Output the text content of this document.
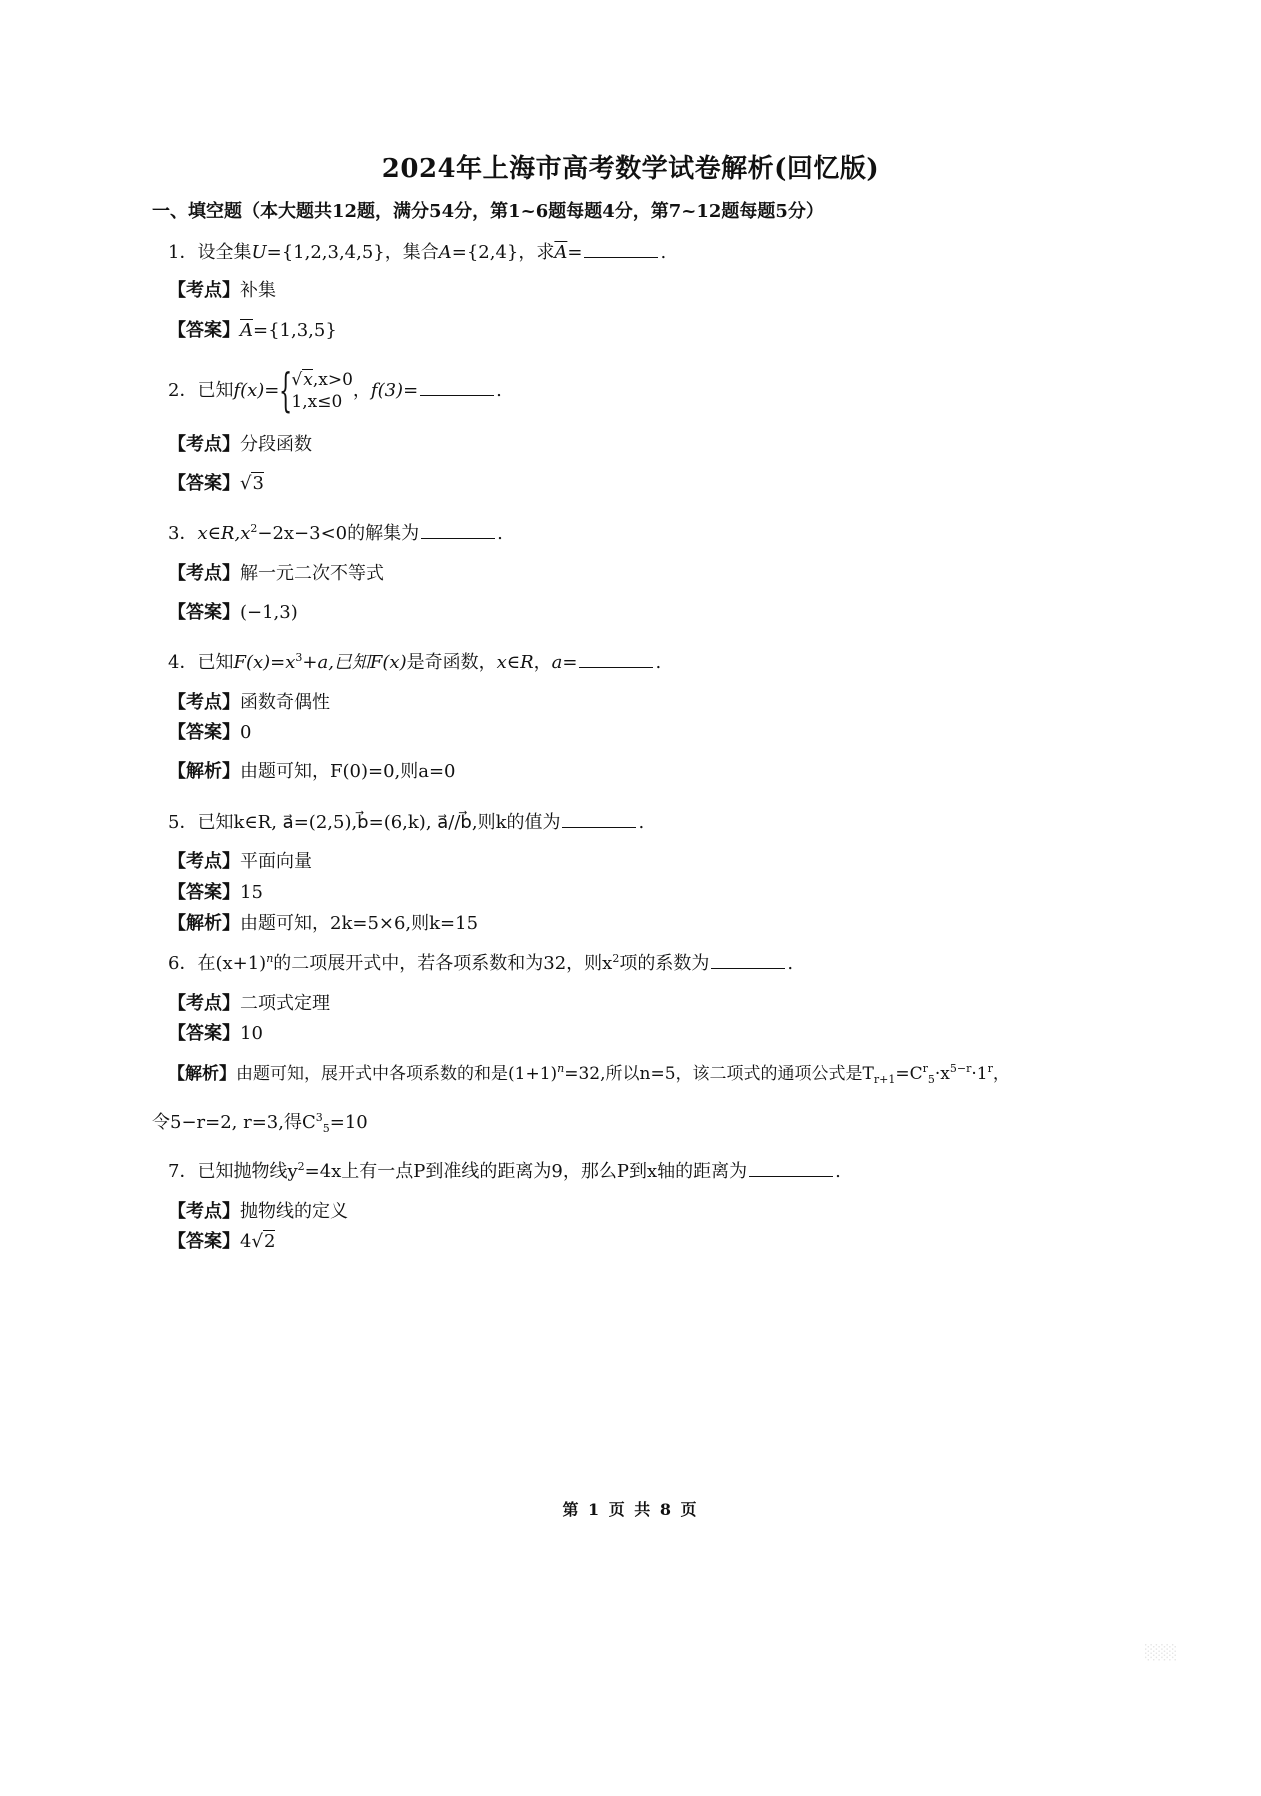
2024年上海市高考数学试卷解析(回忆版)
一、填空题（本大题共12题，满分54分，第1~6题每题4分，第7~12题每题5分）
1．设全集U={1,2,3,4,5}，集合A={2,4}，求$\overline{A}=$	.
【考点】补集
【答案】$\overline{A}=\{1,3,5\}$
2．已知f(x)= {
√x,x>0
1,x≤0，f(3)=	.
【考点】分段函数
【答案】√3
3．$x\in R,x^2-2x-3<0$的解集为	.
【考点】解一元二次不等式
【答案】(−1,3)
4．已知$F(x)=x^3+a$,已知F(x)是奇函数，x∈R，a=	.
【考点】函数奇偶性
【答案】0
【解析】由题可知，F(0)=0,则a=0
5．已知k∈R, a⃗=(2,5),b⃗=(6,k), a⃗//b⃗,则k的值为	.
【考点】平面向量
【答案】15
【解析】由题可知，2k=5×6,则k=15
6．在$(x+1)^n$的二项展开式中，若各项系数和为32，则$x^2$项的系数为	.
【考点】二项式定理
【答案】10
【解析】由题可知，展开式中各项系数的和是$(1+1)^n=32$,所以n=5，该二项式的通项公式是$T_{r+1}=C^r_5\cdot x^{5-r}\cdot 1^r$，
令5−r=2, r=3,得$C^3_5=10$
7．已知抛物线$y^2=4x$上有一点P到准线的距离为9，那么P到x轴的距离为	.
【考点】抛物线的定义
【答案】4√2
第 1 页 共 8 页
░░░
